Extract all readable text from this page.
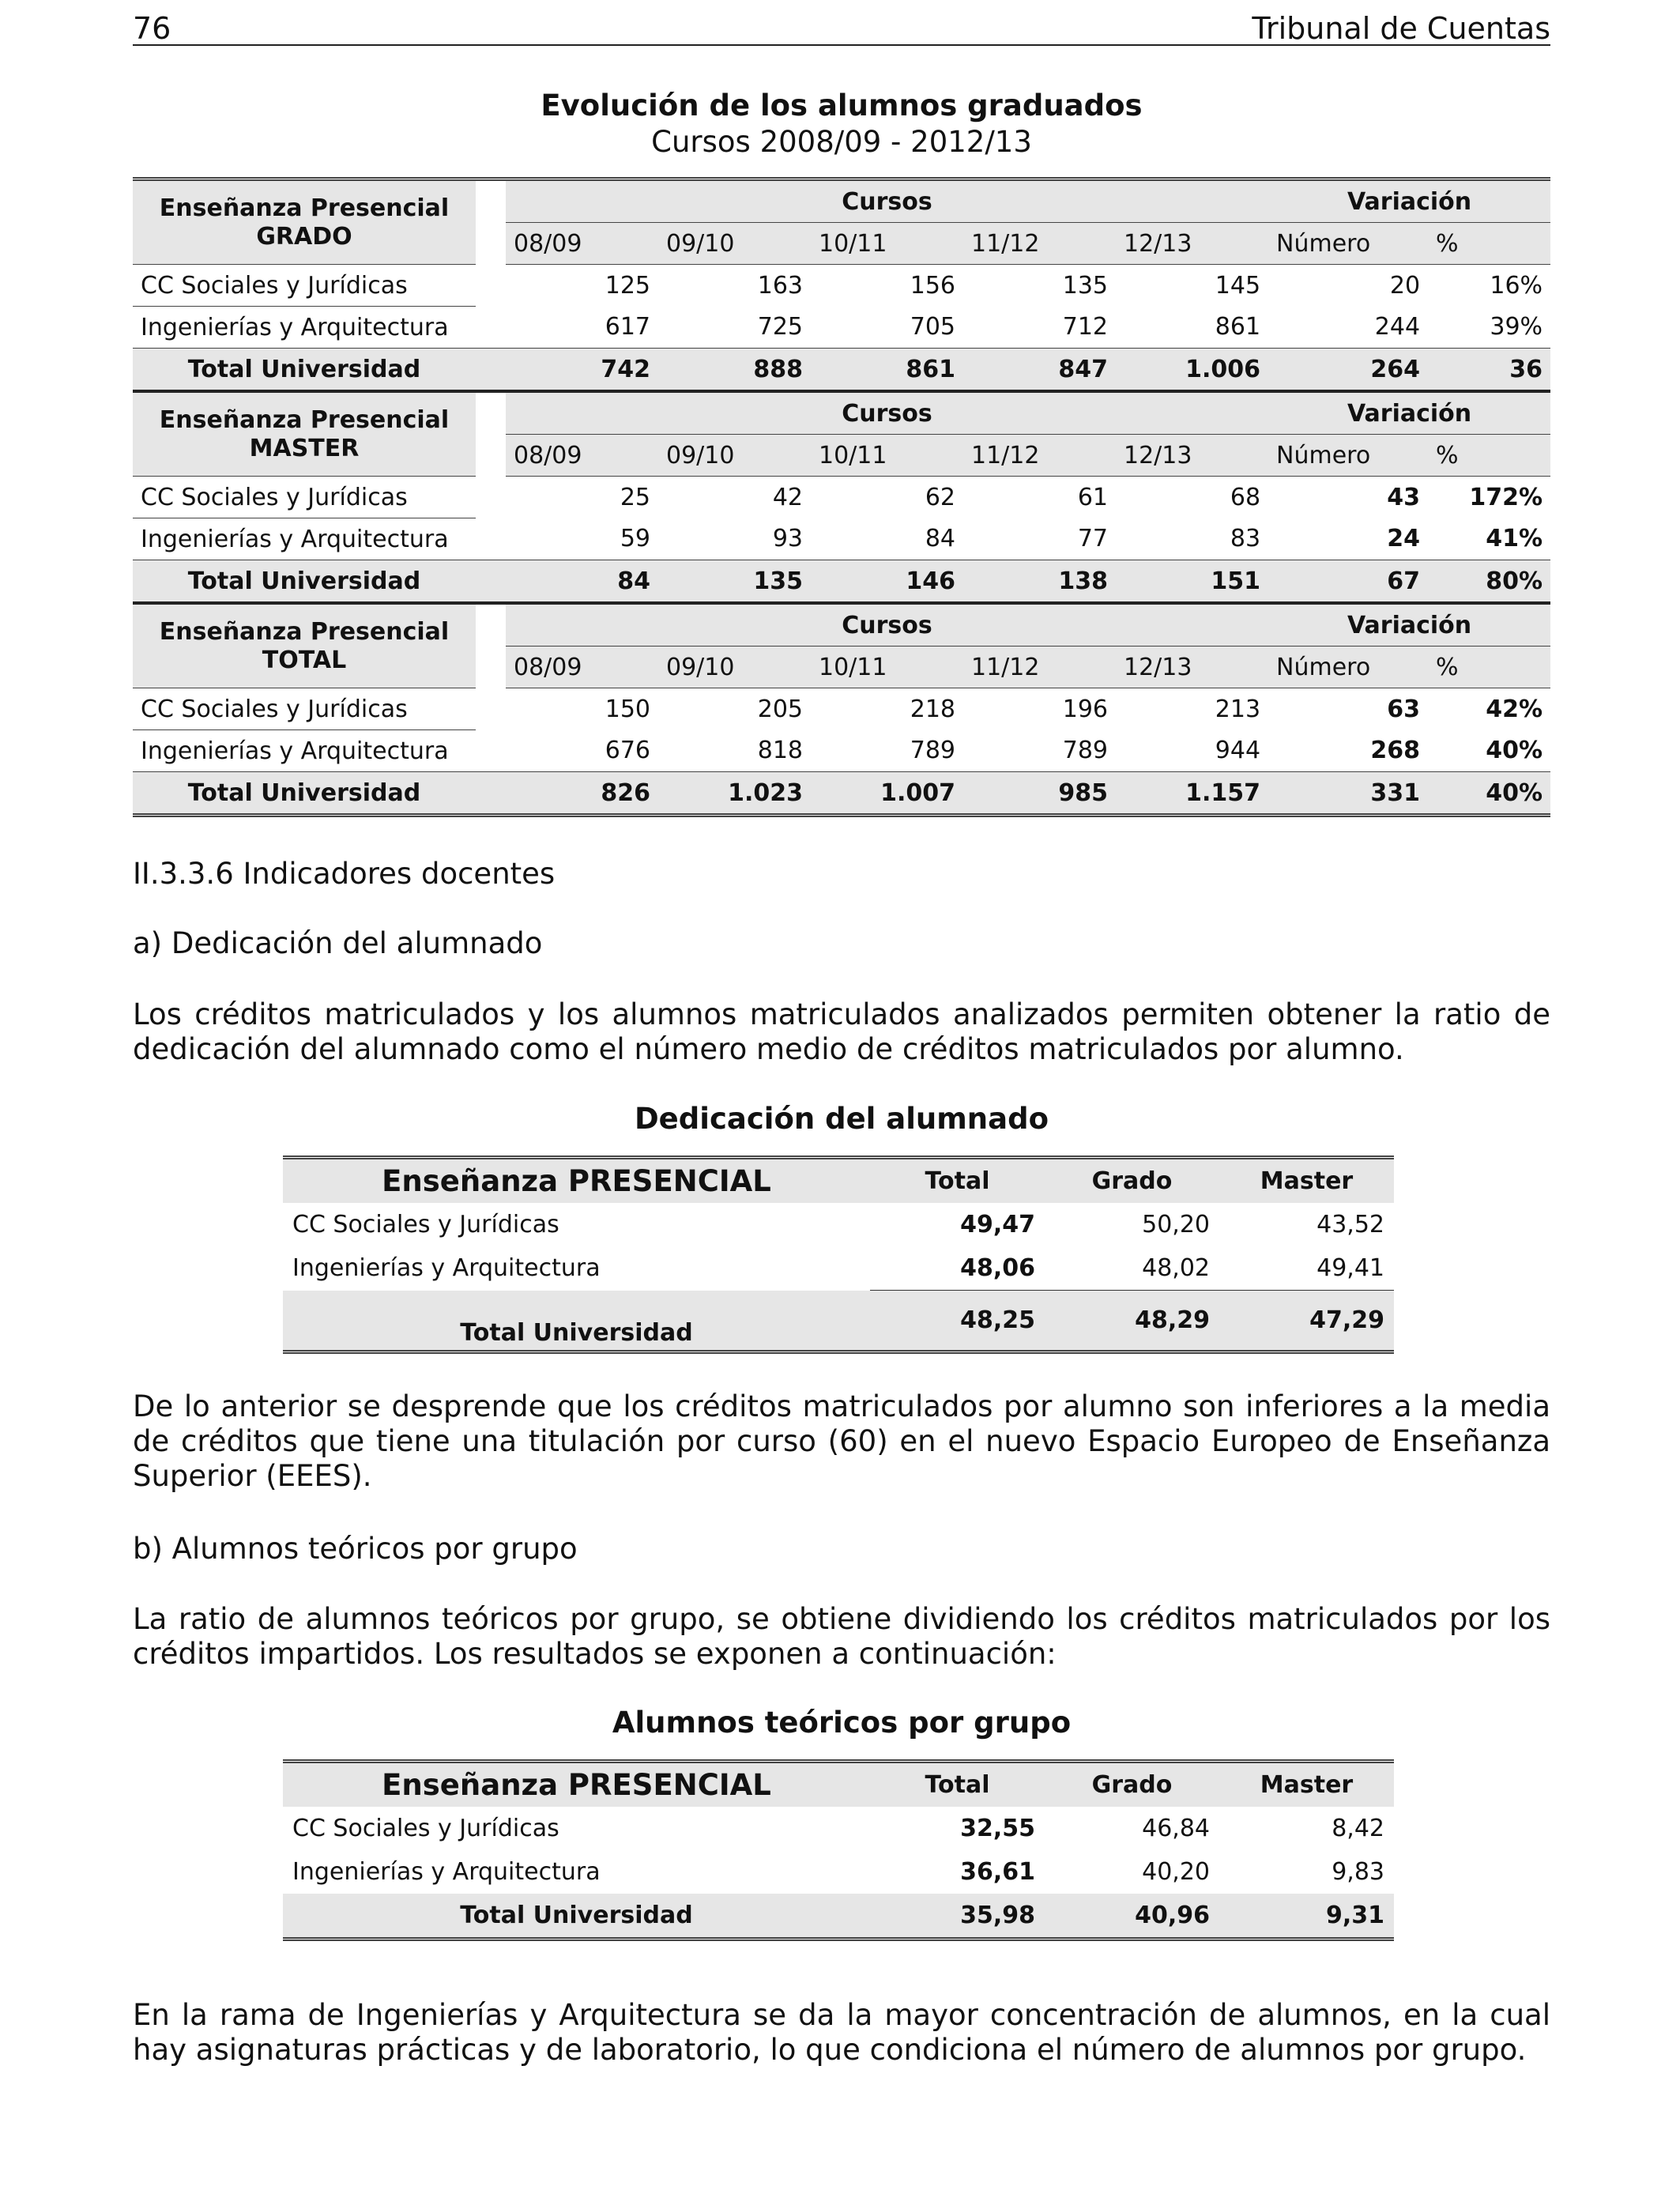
76	Tribunal de Cuentas
Evolución de los alumnos graduados
Cursos 2008/09 - 2012/13
Enseñanza Presencial
GRADO		Cursos					Variación	
		08/09	09/10	10/11	11/12	12/13	Número	%
CC Sociales y Jurídicas		125	163	156	135	145	20	16%
Ingenierías y Arquitectura		617	725	705	712	861	244	39%
Total Universidad		742	888	861	847	1.006	264	36

Enseñanza Presencial
MASTER		Cursos					Variación	
		08/09	09/10	10/11	11/12	12/13	Número	%
CC Sociales y Jurídicas		25	42	62	61	68	43	172%
Ingenierías y Arquitectura		59	93	84	77	83	24	41%
Total Universidad		84	135	146	138	151	67	80%

Enseñanza Presencial
TOTAL		Cursos					Variación	
		08/09	09/10	10/11	11/12	12/13	Número	%
CC Sociales y Jurídicas		150	205	218	196	213	63	42%
Ingenierías y Arquitectura		676	818	789	789	944	268	40%
Total Universidad		826	1.023	1.007	985	1.157	331	40%
II.3.3.6 Indicadores docentes
a) Dedicación del alumnado
Los créditos matriculados y los alumnos matriculados analizados permiten obtener la ratio de dedicación del alumnado como el número medio de créditos matriculados por alumno.
Dedicación del alumnado
Enseñanza PRESENCIAL	Total	Grado	Master
CC Sociales y Jurídicas	49,47	50,20	43,52
Ingenierías y Arquitectura	48,06	48,02	49,41
Total Universidad	48,25	48,29	47,29
De lo anterior se desprende que los créditos matriculados por alumno son inferiores a la media de créditos que tiene una titulación por curso (60) en el nuevo Espacio Europeo de Enseñanza Superior (EEES).
b) Alumnos teóricos por grupo
La ratio de alumnos teóricos por grupo, se obtiene dividiendo los créditos matriculados por los créditos impartidos. Los resultados se exponen a continuación:
Alumnos teóricos por grupo
Enseñanza PRESENCIAL	Total	Grado	Master
CC Sociales y Jurídicas	32,55	46,84	8,42
Ingenierías y Arquitectura	36,61	40,20	9,83
Total Universidad	35,98	40,96	9,31
En la rama de Ingenierías y Arquitectura se da la mayor concentración de alumnos, en la cual hay asignaturas prácticas y de laboratorio, lo que condiciona el número de alumnos por grupo.
